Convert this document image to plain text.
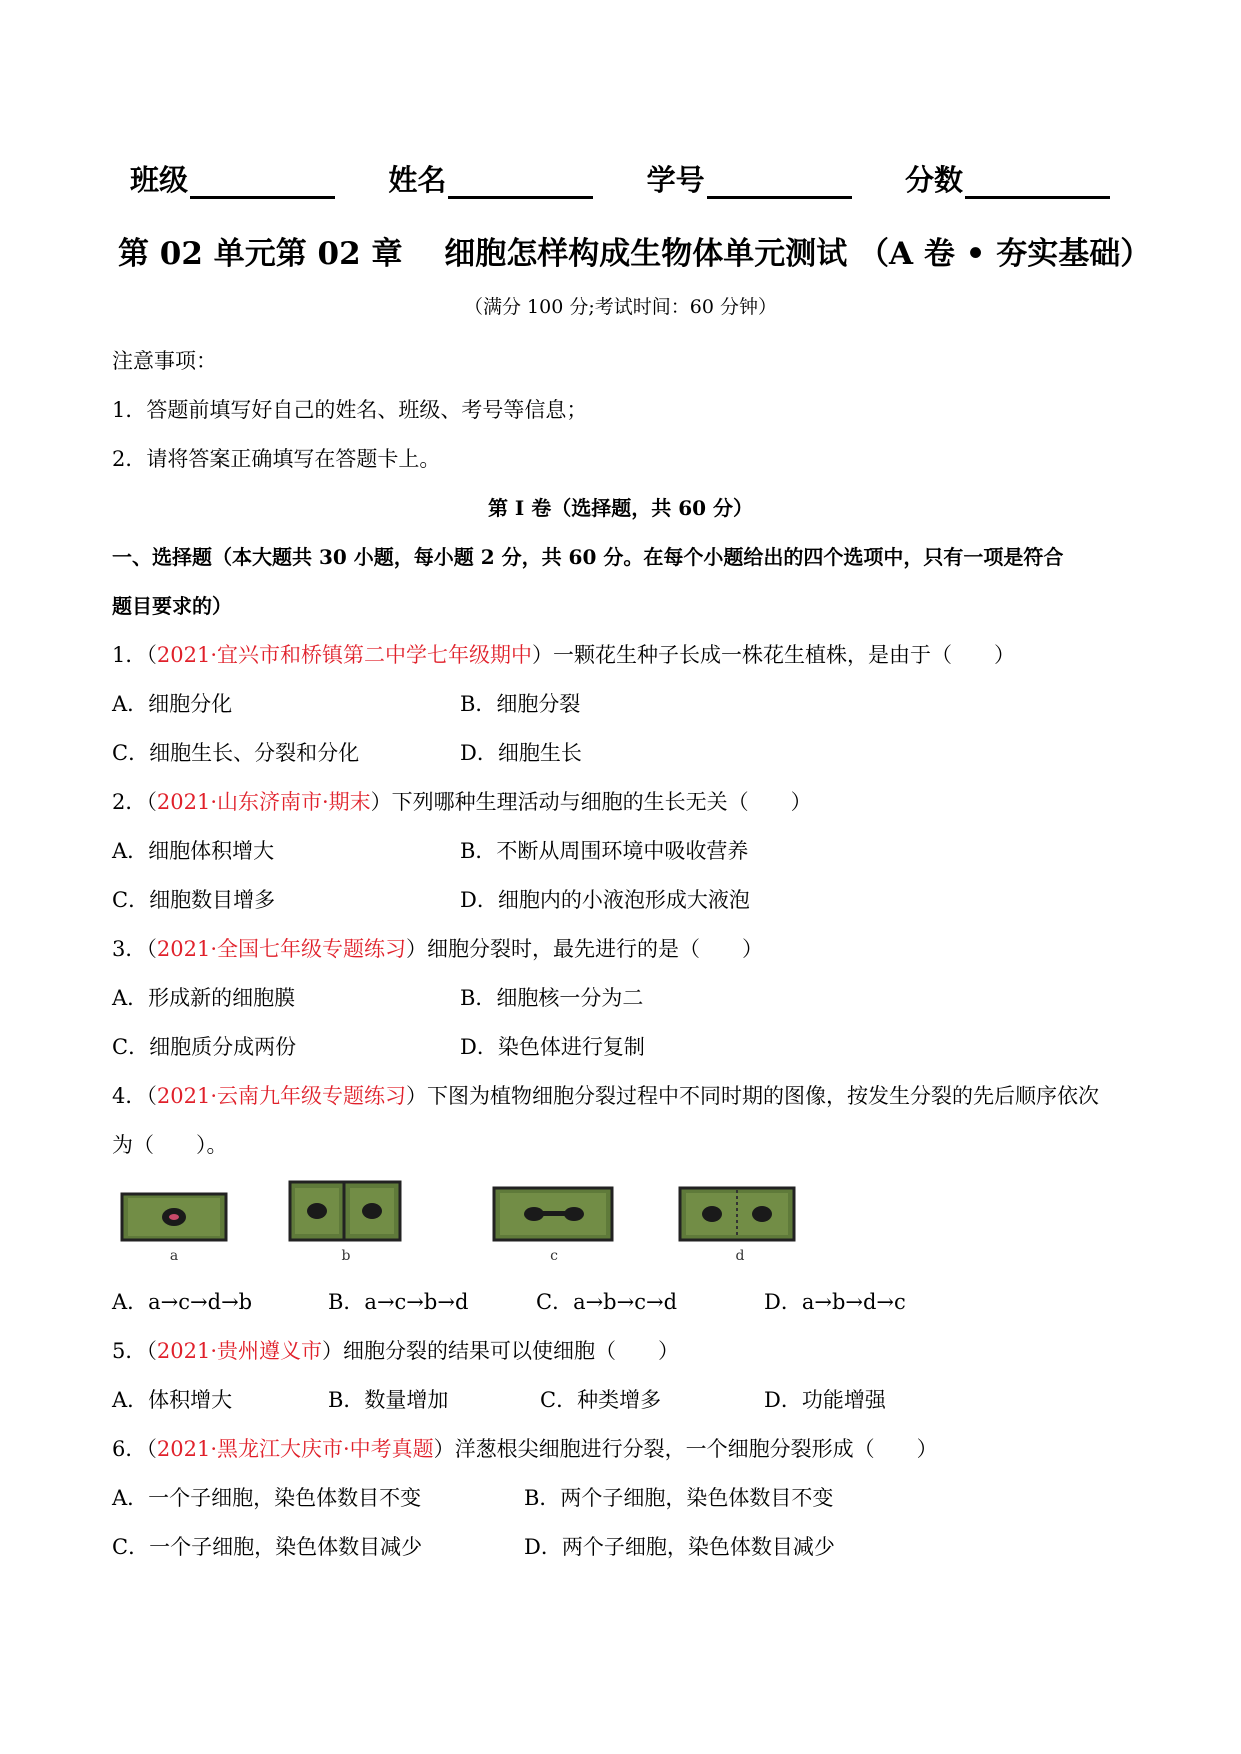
班级	姓名	学号	分数
第 02 单元第 02 章　 细胞怎样构成生物体单元测试 （A 卷 • 夯实基础）
（满分 100 分;考试时间：60 分钟）
注意事项：
1．答题前填写好自己的姓名、班级、考号等信息；
2．请将答案正确填写在答题卡上。
第 I 卷（选择题，共 60 分）
一、选择题（本大题共 30 小题，每小题 2 分，共 60 分。在每个小题给出的四个选项中，只有一项是符合
题目要求的）
1．（2021·宜兴市和桥镇第二中学七年级期中）一颗花生种子长成一株花生植株，是由于（　　）
A．细胞分化	B．细胞分裂
C．细胞生长、分裂和分化	D．细胞生长
2．（2021·山东济南市·期末）下列哪种生理活动与细胞的生长无关（　　）
A．细胞体积增大	B．不断从周围环境中吸收营养
C．细胞数目增多	D．细胞内的小液泡形成大液泡
3．（2021·全国七年级专题练习）细胞分裂时，最先进行的是（　　）
A．形成新的细胞膜	B．细胞核一分为二
C．细胞质分成两份	D．染色体进行复制
4．（2021·云南九年级专题练习）下图为植物细胞分裂过程中不同时期的图像，按发生分裂的先后顺序依次
为（　　）。
a	b	c	d
A．a→c→d→b	B．a→c→b→d	C．a→b→c→d	D．a→b→d→c
5．（2021·贵州遵义市）细胞分裂的结果可以使细胞（　　）
A．体积增大	B．数量增加	C．种类增多	D．功能增强
6．（2021·黑龙江大庆市·中考真题）洋葱根尖细胞进行分裂，一个细胞分裂形成（　　）
A．一个子细胞，染色体数目不变	B．两个子细胞，染色体数目不变
C．一个子细胞，染色体数目减少	D．两个子细胞，染色体数目减少
